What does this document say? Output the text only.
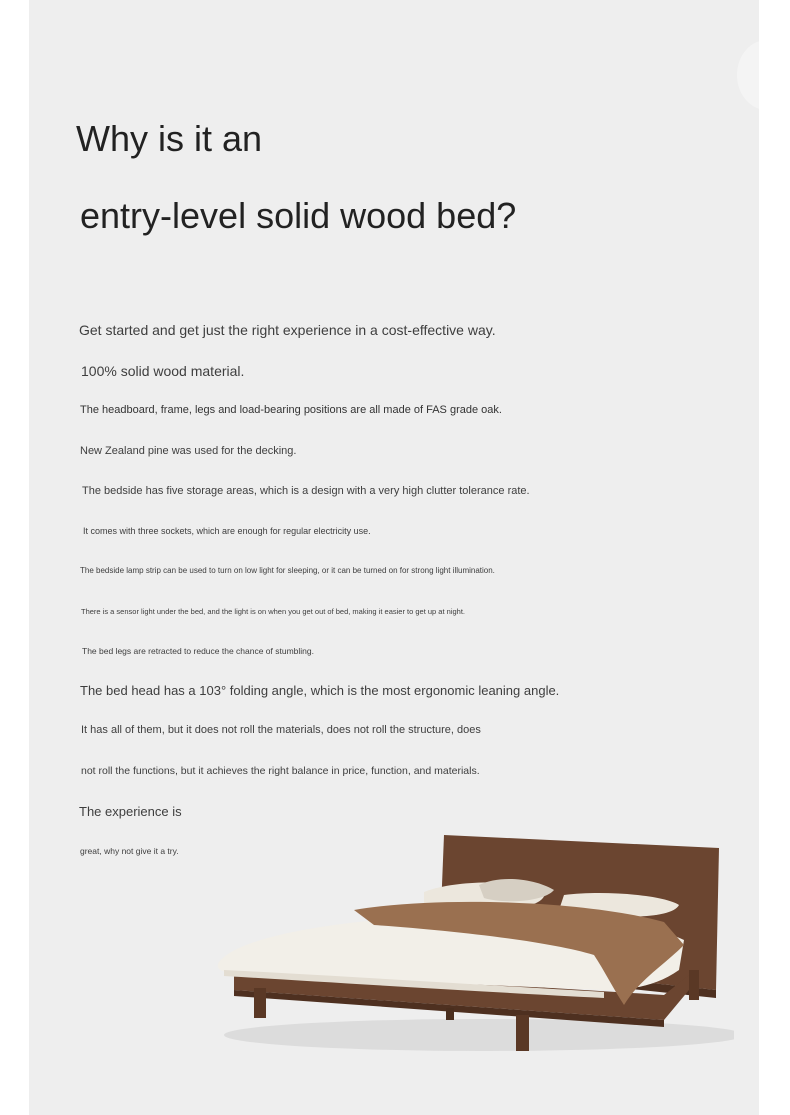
Why is it an
entry-level solid wood bed?

Get started and get just the right experience in a cost-effective way.

100% solid wood material.

The headboard, frame, legs and load-bearing positions are all made of FAS grade oak.

New Zealand pine was used for the decking.

The bedside has five storage areas, which is a design with a very high clutter tolerance rate.

It comes with three sockets, which are enough for regular electricity use.

The bedside lamp strip can be used to turn on low light for sleeping, or it can be turned on for strong light illumination.

There is a sensor light under the bed, and the light is on when you get out of bed, making it easier to get up at night.

The bed legs are retracted to reduce the chance of stumbling.

The bed head has a 103° folding angle, which is the most ergonomic leaning angle.

It has all of them, but it does not roll the materials, does not roll the structure, does

not roll the functions, but it achieves the right balance in price, function, and materials.

The experience is

great, why not give it a try.
